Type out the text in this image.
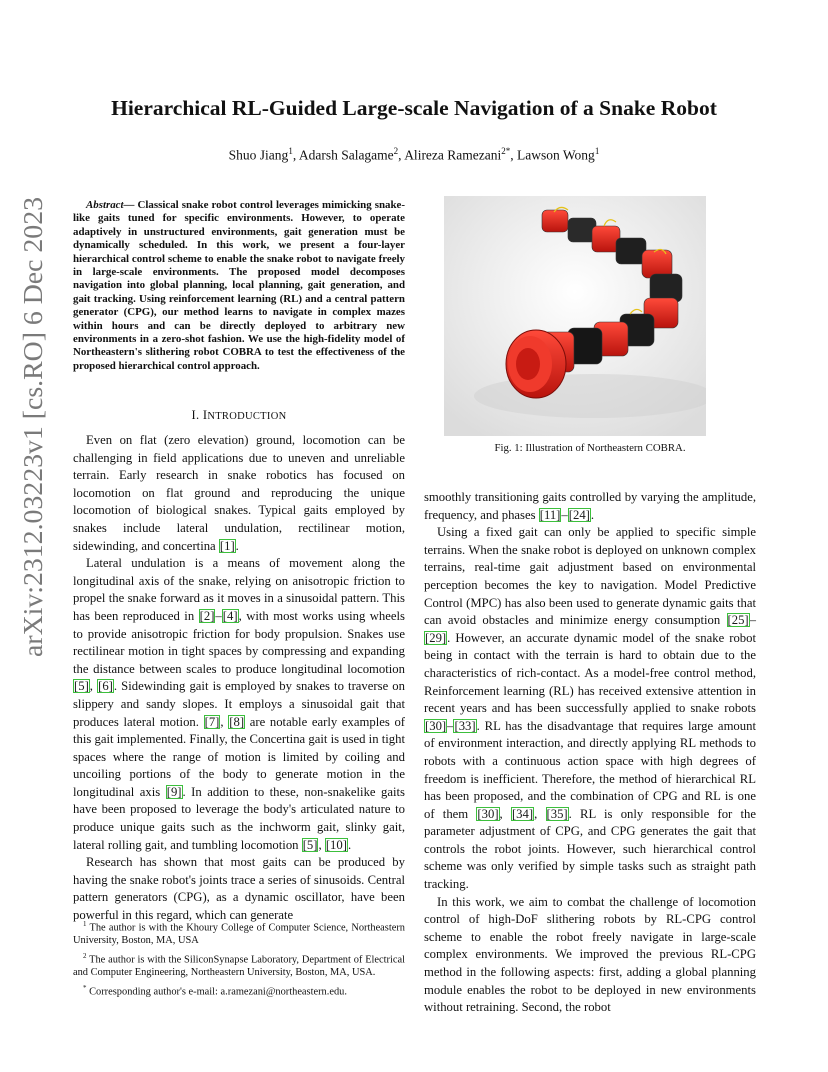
Hierarchical RL-Guided Large-scale Navigation of a Snake Robot
Shuo Jiang$^1$, Adarsh Salagame$^2$, Alireza Ramezani$^{2*}$, Lawson Wong$^1$
arXiv:2312.03223v1 [cs.RO] 6 Dec 2023	Abstract— Classical snake robot control leverages mimicking snake-like gaits tuned for specific environments. However, to operate adaptively in unstructured environments, gait generation must be dynamically scheduled. In this work, we present a four-layer hierarchical control scheme to enable the snake robot to navigate freely in large-scale environments. The proposed model decomposes navigation into global planning, local planning, gait generation, and gait tracking. Using reinforcement learning (RL) and a central pattern generator (CPG), our method learns to navigate in complex mazes within hours and can be directly deployed to arbitrary new environments in a zero-shot fashion. We use the high-fidelity model of Northeastern's slithering robot COBRA to test the effectiveness of the proposed hierarchical control approach.
I. INTRODUCTION

Even on flat (zero elevation) ground, locomotion can be challenging in field applications due to uneven and unreliable terrain. Early research in snake robotics has focused on locomotion on flat ground and reproducing the unique locomotion of biological snakes. Typical gaits employed by snakes include lateral undulation, rectilinear motion, sidewinding, and concertina [1].

Lateral undulation is a means of movement along the longitudinal axis of the snake, relying on anisotropic friction to propel the snake forward as it moves in a sinusoidal pattern. This has been reproduced in [2]–[4], with most works using wheels to provide anisotropic friction for body propulsion. Snakes use rectilinear motion in tight spaces by compressing and expanding the distance between scales to produce longitudinal locomotion [5], [6]. Sidewinding gait is employed by snakes to traverse on slippery and sandy slopes. It employs a sinusoidal gait that produces lateral motion. [7], [8] are notable early examples of this gait implemented. Finally, the Concertina gait is used in tight spaces where the range of motion is limited by coiling and uncoiling portions of the body to generate motion in the longitudinal axis [9]. In addition to these, non-snakelike gaits have been proposed to leverage the body's articulated nature to produce unique gaits such as the inchworm gait, slinky gait, lateral rolling gait, and tumbling locomotion [5], [10].

Research has shown that most gaits can be produced by having the snake robot's joints trace a series of sinusoids. Central pattern generators (CPG), as a dynamic oscillator, have been powerful in this regard, which can generate

Fig. 1: Illustration of Northeastern COBRA.

smoothly transitioning gaits controlled by varying the amplitude, frequency, and phases [11]–[24].

Using a fixed gait can only be applied to specific simple terrains. When the snake robot is deployed on unknown complex terrains, real-time gait adjustment based on environmental perception becomes the key to navigation. Model Predictive Control (MPC) has also been used to generate dynamic gaits that can avoid obstacles and minimize energy consumption [25]–[29]. However, an accurate dynamic model of the snake robot being in contact with the terrain is hard to obtain due to the characteristics of rich-contact. As a model-free control method, Reinforcement learning (RL) has received extensive attention in recent years and has been successfully applied to snake robots [30]–[33]. RL has the disadvantage that requires large amount of environment interaction, and directly applying RL methods to robots with a continuous action space with high degrees of freedom is inefficient. Therefore, the method of hierarchical RL has been proposed, and the combination of CPG and RL is one of them [30], [34], [35]. RL is only responsible for the parameter adjustment of CPG, and CPG generates the gait that controls the robot joints. However, such hierarchical control scheme was only verified by simple tasks such as straight path tracking.

In this work, we aim to combat the challenge of locomotion control of high-DoF slithering robots by RL-CPG control scheme to enable the robot freely navigate in large-scale complex environments. We improved the previous RL-CPG method in the following aspects: first, adding a global planning module enables the robot to be deployed in new environments without retraining. Second, the robot

$^1$ The author is with the Khoury College of Computer Science, Northeastern University, Boston, MA, USA

$^2$ The author is with the SiliconSynapse Laboratory, Department of Electrical and Computer Engineering, Northeastern University, Boston, MA, USA.

* Corresponding author's e-mail: a.ramezani@northeastern.edu.
